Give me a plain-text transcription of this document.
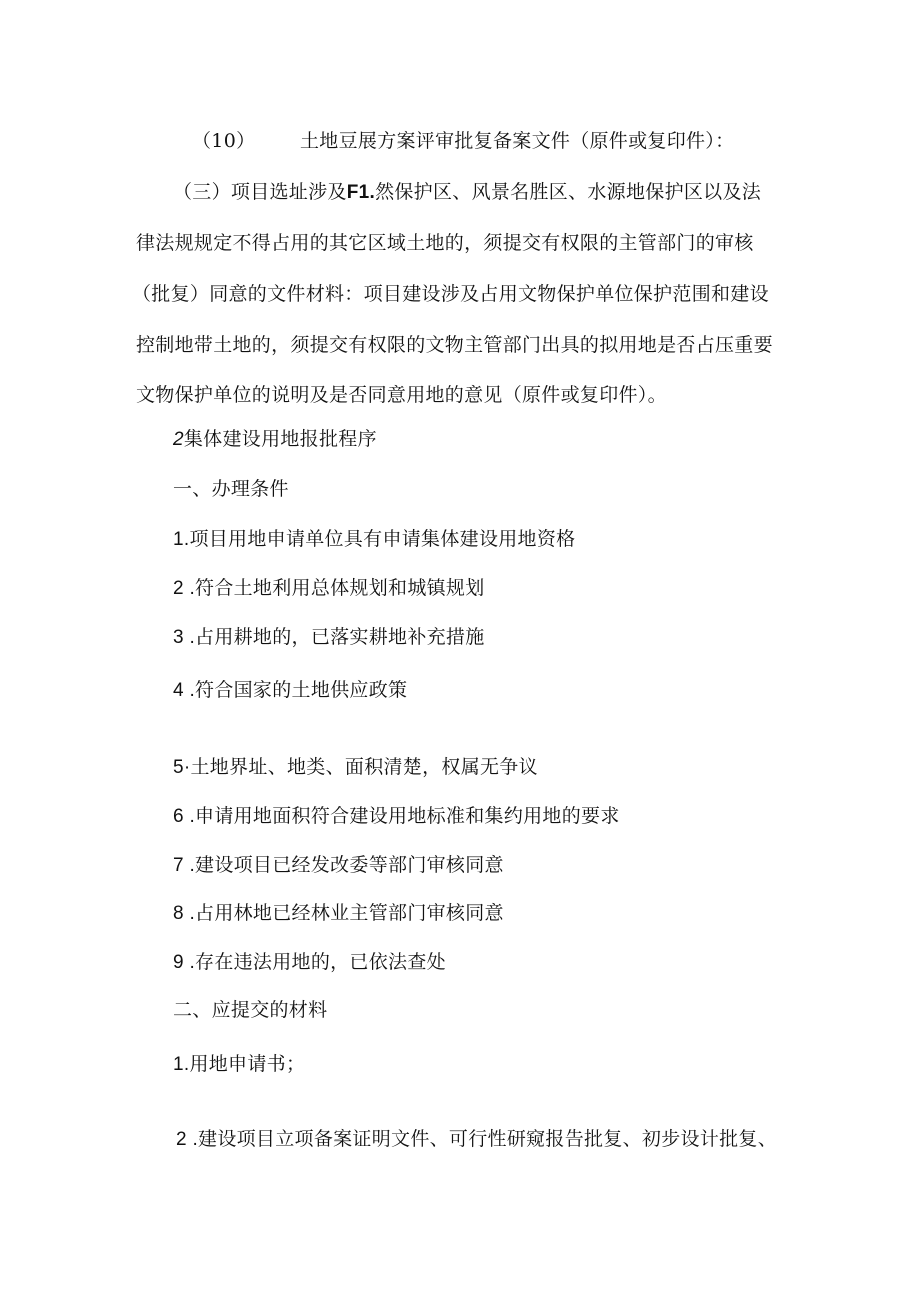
（10） 土地豆展方案评审批复备案文件（原件或复印件）：
（三）项目选址涉及F1.然保护区、风景名胜区、水源地保护区以及法
律法规规定不得占用的其它区域土地的，须提交有权限的主管部门的审核
（批复）同意的文件材料：项目建设涉及占用文物保护单位保护范围和建设
控制地带土地的，须提交有权限的文物主管部门出具的拟用地是否占压重要
文物保护单位的说明及是否同意用地的意见（原件或复印件）。
2集体建设用地报批程序
一、办理条件
1.项目用地申请单位具有申请集体建设用地资格
2 .符合土地利用总体规划和城镇规划
3 .占用耕地的，已落实耕地补充措施
4 .符合国家的土地供应政策
5·土地界址、地类、面积清楚，权属无争议
6 .申请用地面积符合建设用地标准和集约用地的要求
7 .建设项目已经发改委等部门审核同意
8 .占用林地已经林业主管部门审核同意
9 .存在违法用地的，已依法查处
二、应提交的材料
1.用地申请书；
2 .建设项目立项备案证明文件、可行性研窥报告批复、初步设计批复、
